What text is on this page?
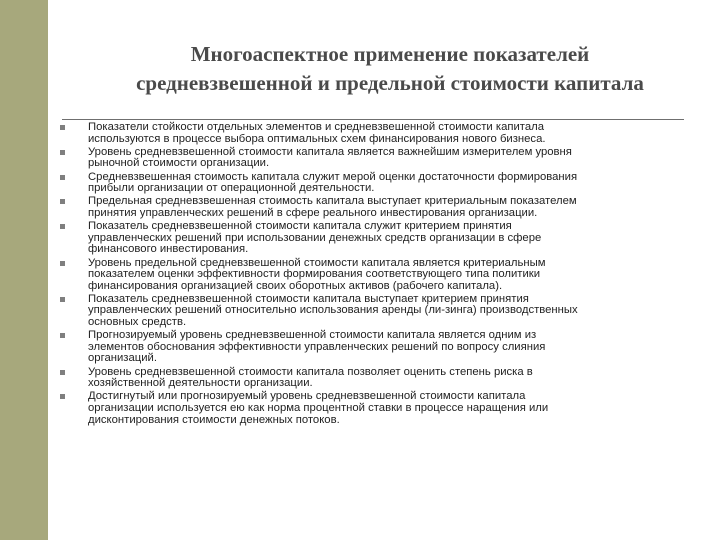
Многоаспектное применение показателей
средневзвешенной и предельной стоимости капитала
Показатели стойкости отдельных элементов и средневзвешенной стоимости капитала
используются в процессе выбора оптимальных схем финансирования нового бизнеса.
Уровень средневзвешенной стоимости капитала является важнейшим измерителем уровня
рыночной стоимости организации.
Средневзвешенная стоимость капитала служит мерой оценки достаточности формирования
прибыли организации от операционной деятельности.
Предельная средневзвешенная стоимость капитала выступает критериальным показателем
принятия управленческих решений в сфере реального инвестирования организации.
Показатель средневзвешенной стоимости капитала служит критерием принятия
управленческих решений при использовании денежных средств организации в сфере
финансового инвестирования.
Уровень предельной средневзвешенной стоимости капитала является критериальным
показателем оценки эффективности формирования соответствующего типа политики
финансирования организацией своих оборотных активов (рабочего капитала).
Показатель средневзвешенной стоимости капитала выступает критерием принятия
управленческих решений относительно использования аренды (ли-зинга) производственных
основных средств.
Прогнозируемый уровень средневзвешенной стоимости капитала является одним из
элементов обоснования эффективности управленческих решений по вопросу слияния
организаций.
Уровень средневзвешенной стоимости капитала позволяет оценить степень риска в
хозяйственной деятельности организации.
Достигнутый или прогнозируемый уровень средневзвешенной стоимости капитала
организации используется ею как норма процентной ставки в процессе наращения или
дисконтирования стоимости денежных потоков.
